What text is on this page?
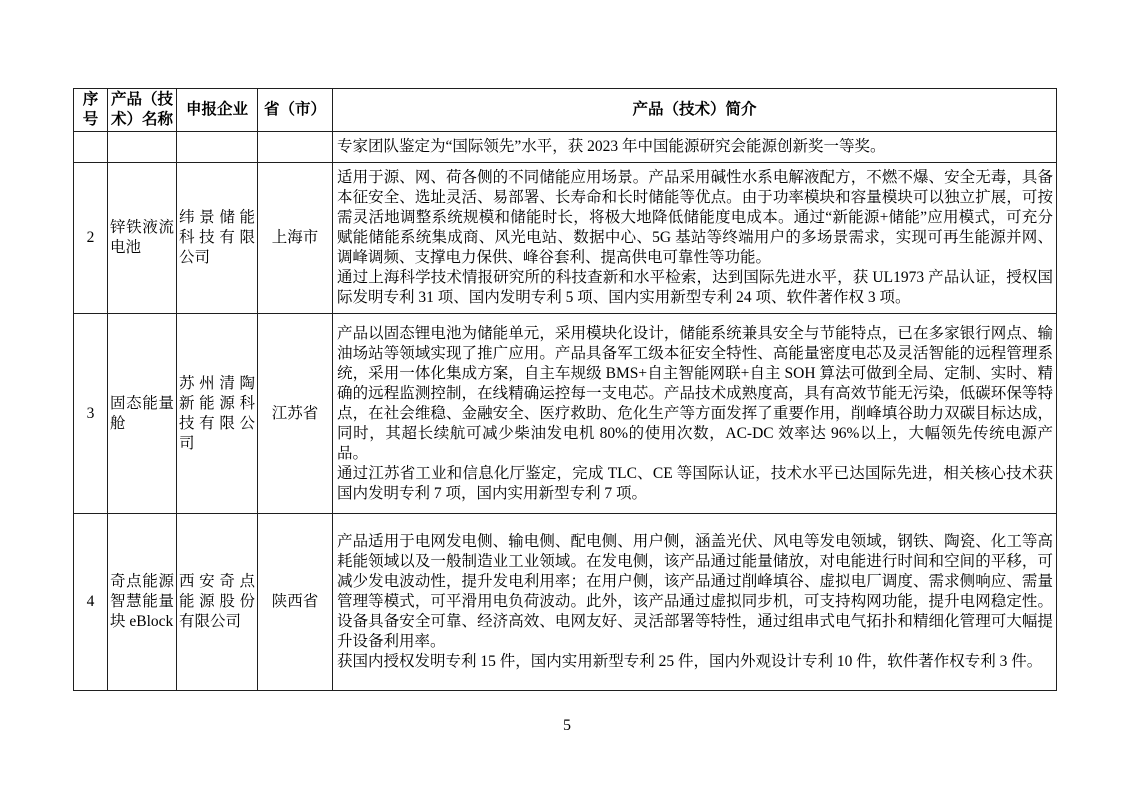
序号	产品（技术）名称	申报企业	省（市）	产品（技术）简介

				专家团队鉴定为“国际领先”水平，获 2023 年中国能源研究会能源创新奖一等奖。

2	锌铁液流电池	纬景储能科技有限公司	上海市	适用于源、网、荷各侧的不同储能应用场景。产品采用碱性水系电解液配方，不燃不爆、安全无毒，具备本征安全、选址灵活、易部署、长寿命和长时储能等优点。由于功率模块和容量模块可以独立扩展，可按需灵活地调整系统规模和储能时长，将极大地降低储能度电成本。通过“新能源+储能”应用模式，可充分赋能储能系统集成商、风光电站、数据中心、5G 基站等终端用户的多场景需求，实现可再生能源并网、调峰调频、支撑电力保供、峰谷套利、提高供电可靠性等功能。

通过上海科学技术情报研究所的科技查新和水平检索，达到国际先进水平，获 UL1973 产品认证，授权国际发明专利 31 项、国内发明专利 5 项、国内实用新型专利 24 项、软件著作权 3 项。

3	固态能量舱	苏州清陶新能源科技有限公司	江苏省	产品以固态锂电池为储能单元，采用模块化设计，储能系统兼具安全与节能特点，已在多家银行网点、输油场站等领域实现了推广应用。产品具备军工级本征安全特性、高能量密度电芯及灵活智能的远程管理系统，采用一体化集成方案，自主车规级 BMS+自主智能网联+自主 SOH 算法可做到全局、定制、实时、精确的远程监测控制，在线精确运控每一支电芯。产品技术成熟度高，具有高效节能无污染，低碳环保等特点，在社会维稳、金融安全、医疗救助、危化生产等方面发挥了重要作用，削峰填谷助力双碳目标达成，同时，其超长续航可减少柴油发电机 80%的使用次数，AC-DC 效率达 96%以上，大幅领先传统电源产品。

通过江苏省工业和信息化厅鉴定，完成 TLC、CE 等国际认证，技术水平已达国际先进，相关核心技术获国内发明专利 7 项，国内实用新型专利 7 项。

4	奇点能源智慧能量块 eBlock	西安奇点能源股份有限公司	陕西省	产品适用于电网发电侧、输电侧、配电侧、用户侧，涵盖光伏、风电等发电领域，钢铁、陶瓷、化工等高耗能领域以及一般制造业工业领域。在发电侧，该产品通过能量储放，对电能进行时间和空间的平移，可减少发电波动性，提升发电利用率；在用户侧，该产品通过削峰填谷、虚拟电厂调度、需求侧响应、需量管理等模式，可平滑用电负荷波动。此外，该产品通过虚拟同步机，可支持构网功能，提升电网稳定性。设备具备安全可靠、经济高效、电网友好、灵活部署等特性，通过组串式电气拓扑和精细化管理可大幅提升设备利用率。

获国内授权发明专利 15 件，国内实用新型专利 25 件，国内外观设计专利 10 件，软件著作权专利 3 件。

5
